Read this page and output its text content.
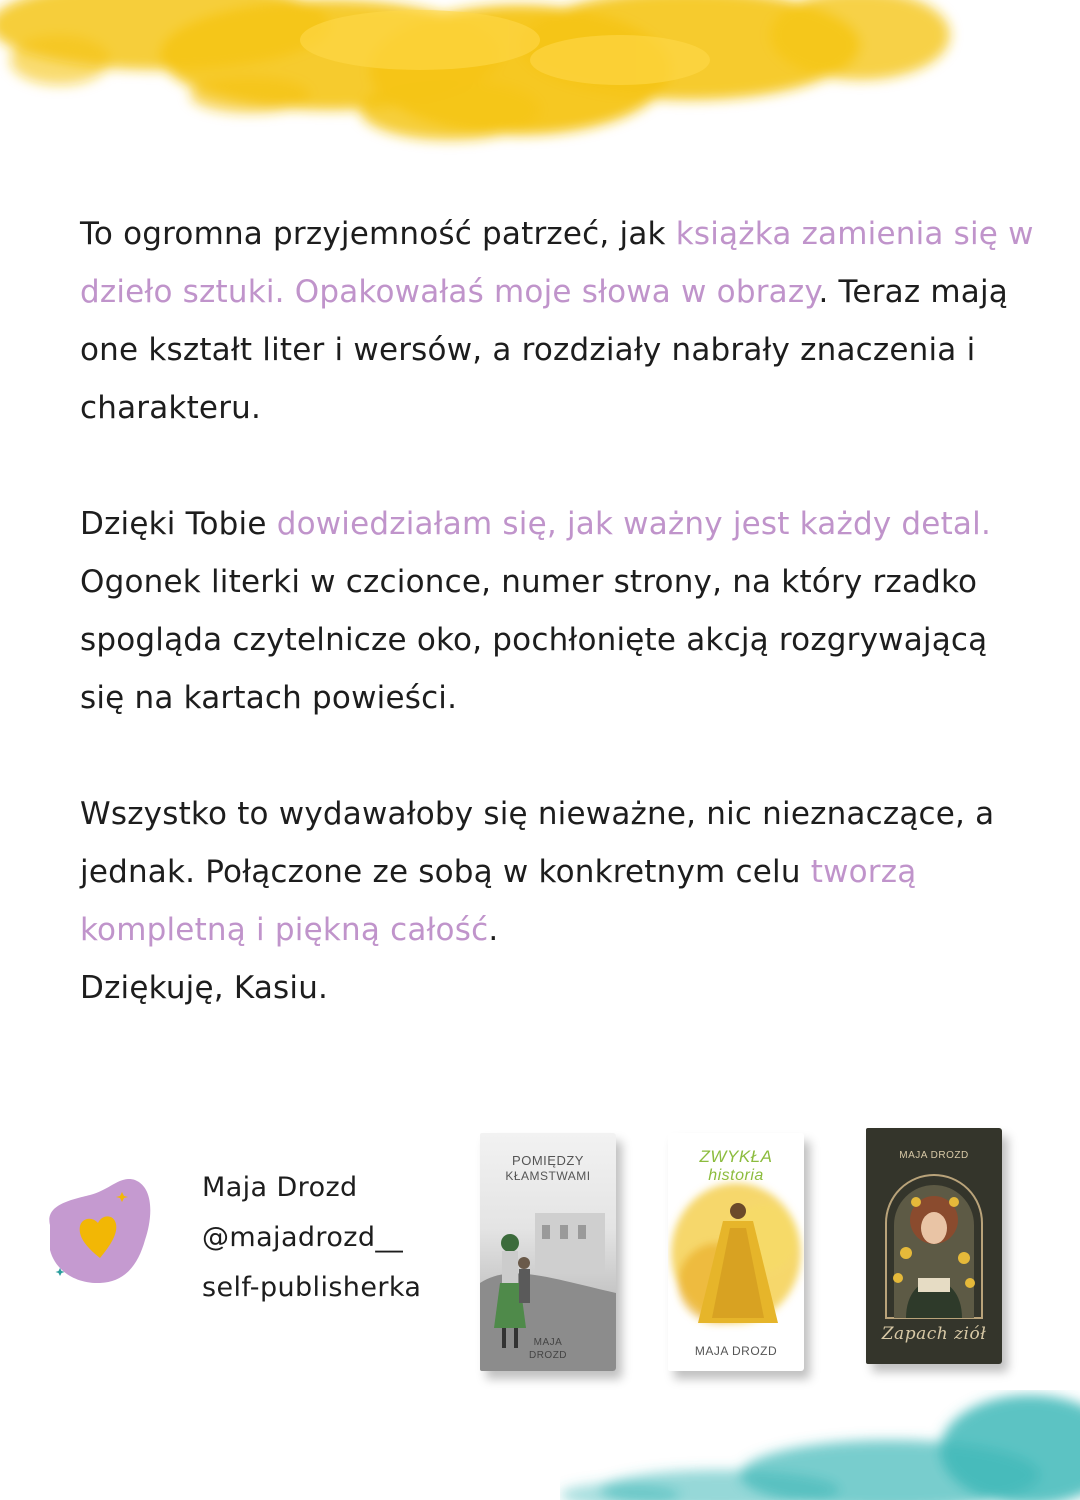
To ogromna przyjemność patrzeć, jak książka zamienia się w dzieło sztuki. Opakowałaś moje słowa w obrazy. Teraz mają one kształt liter i wersów, a rozdziały nabrały znaczenia i charakteru.

Dzięki Tobie dowiedziałam się, jak ważny jest każdy detal. Ogonek literki w czcionce, numer strony, na który rzadko spogląda czytelnicze oko, pochłonięte akcją rozgrywającą się na kartach powieści.

Wszystko to wydawałoby się nieważne, nic nieznaczące, a jednak. Połączone ze sobą w konkretnym celu tworzą kompletną i piękną całość.
Dziękuję, Kasiu.

Maja Drozd
@majadrozd__
self-publisherka
POMIĘDZY
KŁAMSTWAMI
MAJA
DROZD
ZWYKŁA
historia
MAJA DROZD
MAJA DROZD
Zapach ziół
